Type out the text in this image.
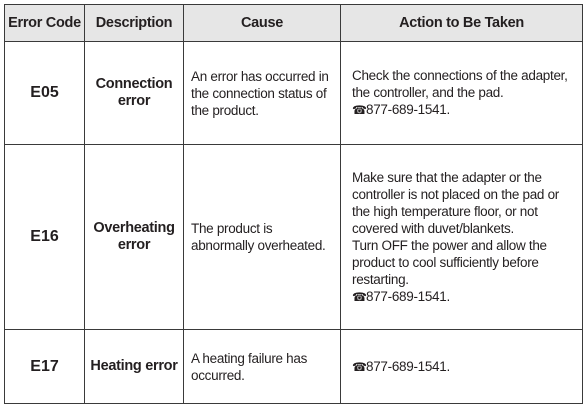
Error Code	Description	Cause	Action to Be Taken
E05	Connection error	An error has occurred in the connection status of the product.	Check the connections of the adapter, the controller, and the pad.
☎877-689-1541.

E16	Overheating error	The product is abnormally overheated.	Make sure that the adapter or the controller is not placed on the pad or the high temperature floor, or not covered with duvet/blankets.
Turn OFF the power and allow the product to cool sufficiently before restarting.
☎877-689-1541.

E17	Heating error	A heating failure has occurred.	☎877-689-1541.
